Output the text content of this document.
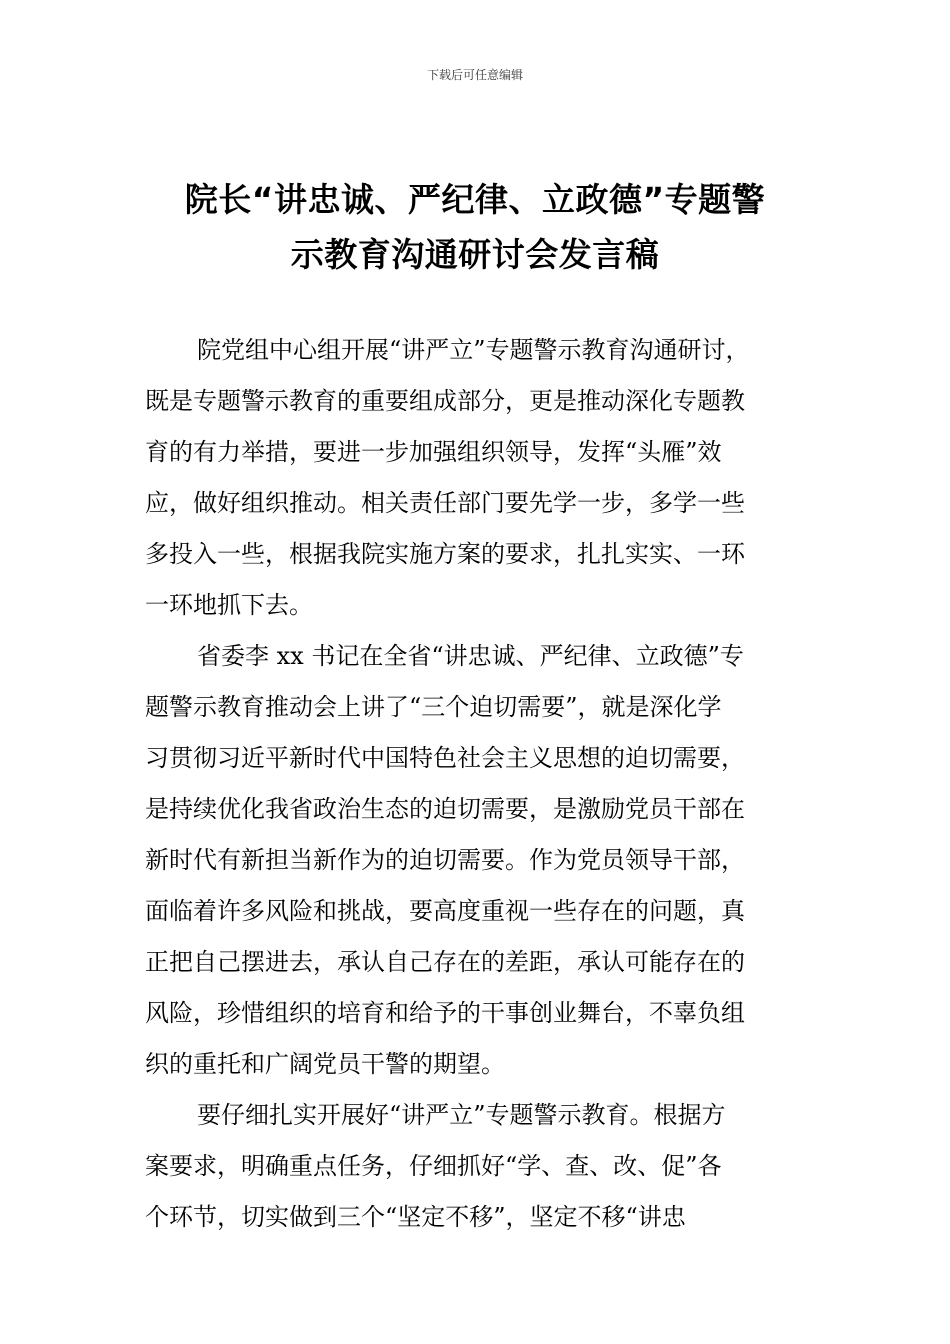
下载后可任意编辑
院长“讲忠诚、严纪律、立政德”专题警
示教育沟通研讨会发言稿
院党组中心组开展“讲严立”专题警示教育沟通研讨，
既是专题警示教育的重要组成部分，更是推动深化专题教
育的有力举措，要进一步加强组织领导，发挥“头雁”效
应，做好组织推动。相关责任部门要先学一步，多学一些
多投入一些，根据我院实施方案的要求，扎扎实实、一环
一环地抓下去。
省委李 xx 书记在全省“讲忠诚、严纪律、立政德”专
题警示教育推动会上讲了“三个迫切需要”，就是深化学
习贯彻习近平新时代中国特色社会主义思想的迫切需要，
是持续优化我省政治生态的迫切需要，是激励党员干部在
新时代有新担当新作为的迫切需要。作为党员领导干部，
面临着许多风险和挑战，要高度重视一些存在的问题，真
正把自己摆进去，承认自己存在的差距，承认可能存在的
风险，珍惜组织的培育和给予的干事创业舞台，不辜负组
织的重托和广阔党员干警的期望。
要仔细扎实开展好“讲严立”专题警示教育。根据方
案要求，明确重点任务，仔细抓好“学、查、改、促”各
个环节，切实做到三个“坚定不移”，坚定不移“讲忠
